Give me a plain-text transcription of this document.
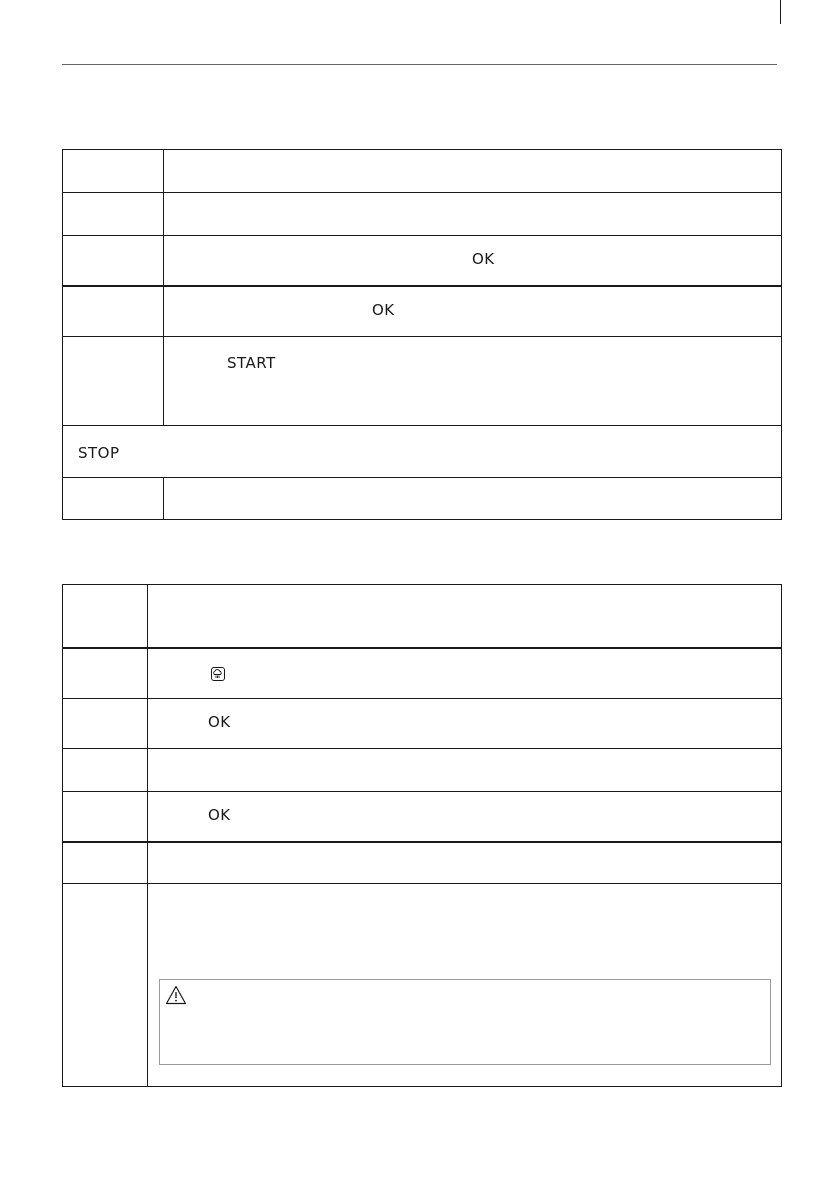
OK
OK
START
STOP
OK
OK
